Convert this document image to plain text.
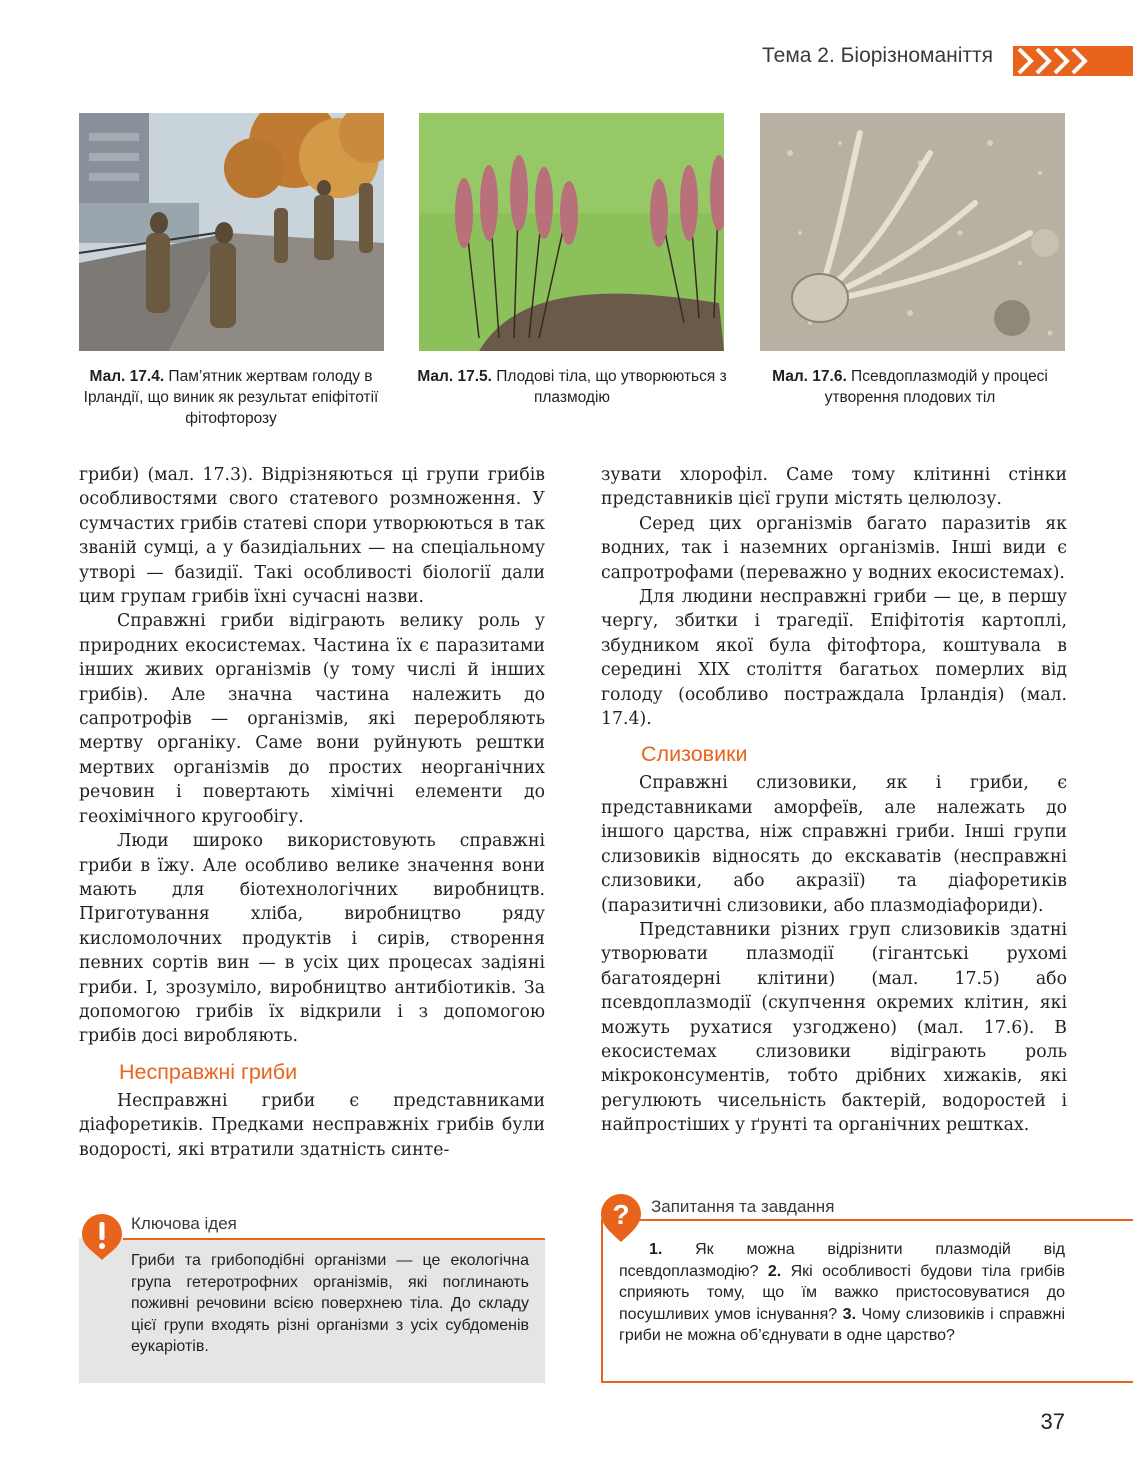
Тема 2. Біорізноманіття
Мал. 17.4. Пам’ятник жертвам голоду в Ірландії, що виник як результат епіфітотії фітофторозу
Мал. 17.5. Плодові тіла, що утворюються з плазмодію
Мал. 17.6. Псевдоплазмодій у процесі утворення плодових тіл

гриби) (мал. 17.3). Відрізняються ці групи грибів особливостями свого статевого розмноження. У сумчастих грибів статеві спори утворюються в так званій сумці, а у базидіальних — на спеціальному утворі — базидії. Такі особливості біології дали цим групам грибів їхні сучасні назви.

Справжні гриби відіграють велику роль у природних екосистемах. Частина їх є паразитами інших живих організмів (у тому числі й інших грибів). Але значна частина належить до сапротрофів — організмів, які переробляють мертву органіку. Саме вони руйнують рештки мертвих організмів до простих неорганічних речовин і повертають хімічні елементи до геохімічного кругообігу.

Люди широко використовують справжні гриби в їжу. Але особливо велике значення вони мають для біотехнологічних виробництв. Приготування хліба, виробництво ряду кисломолочних продуктів і сирів, створення певних сортів вин — в усіх цих процесах задіяні гриби. І, зрозуміло, виробництво антибіотиків. За допомогою грибів їх відкрили і з допомогою грибів досі виробляють.

Несправжні гриби

Несправжні гриби є представниками діафоретиків. Предками несправжніх грибів були водорості, які втратили здатність синте-

зувати хлорофіл. Саме тому клітинні стінки представників цієї групи містять целюлозу.

Серед цих організмів багато паразитів як водних, так і наземних організмів. Інші види є сапротрофами (переважно у водних екосистемах).

Для людини несправжні гриби — це, в першу чергу, збитки і трагедії. Епіфітотія картоплі, збудником якої була фітофтора, коштувала в середині XIX століття багатьох померлих від голоду (особливо постраждала Ірландія) (мал. 17.4).

Слизовики

Справжні слизовики, як і гриби, є представниками аморфеїв, але належать до іншого царства, ніж справжні гриби. Інші групи слизовиків відносять до екскаватів (несправжні слизовики, або акразії) та діафоретиків (паразитичні слизовики, або плазмодіафориди).

Представники різних груп слизовиків здатні утворювати плазмодії (гігантські рухомі багатоядерні клітини) (мал. 17.5) або псевдоплазмодії (скупчення окремих клітин, які можуть рухатися узгоджено) (мал. 17.6). В екосистемах слизовики відіграють роль мікроконсументів, тобто дрібних хижаків, які регулюють чисельність бактерій, водоростей і найпростіших у ґрунті та органічних рештках.

Ключова ідея
Гриби та грибоподібні організми — це екологічна група гетеротрофних організмів, які поглинають поживні речовини всією поверхнею тіла. До складу цієї групи входять різні організми з усіх субдоменів еукаріотів.
? Запитання та завдання
1. Як можна відрізнити плазмодій від псевдоплазмодію? 2. Які особливості будови тіла грибів сприяють тому, що їм важко пристосовуватися до посушливих умов існування? 3. Чому слизовиків і справжні гриби не можна об’єднувати в одне царство?
37
